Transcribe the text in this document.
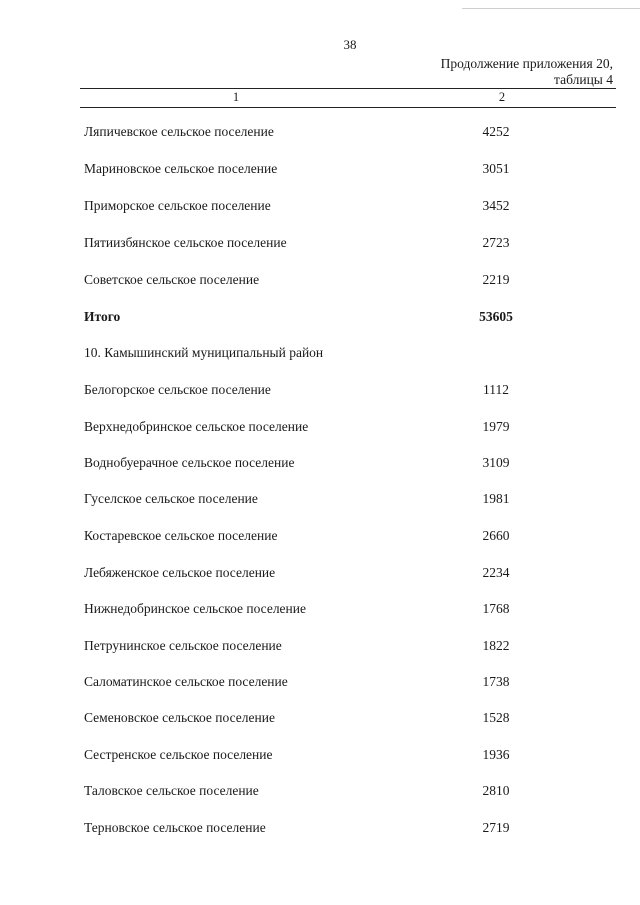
38
Продолжение приложения 20,
таблицы 4
1	2
Ляпичевское сельское поселение	4252
Мариновское сельское поселение	3051
Приморское сельское поселение	3452
Пятиизбянское сельское поселение	2723
Советское сельское поселение	2219
Итого	53605
10. Камышинский муниципальный район
Белогорское сельское поселение	1112
Верхнедобринское сельское поселение	1979
Воднобуерачное сельское поселение	3109
Гуселское сельское поселение	1981
Костаревское сельское поселение	2660
Лебяженское сельское поселение	2234
Нижнедобринское сельское поселение	1768
Петрунинское сельское поселение	1822
Саломатинское сельское поселение	1738
Семеновское сельское поселение	1528
Сестренское сельское поселение	1936
Таловское сельское поселение	2810
Терновское сельское поселение	2719
